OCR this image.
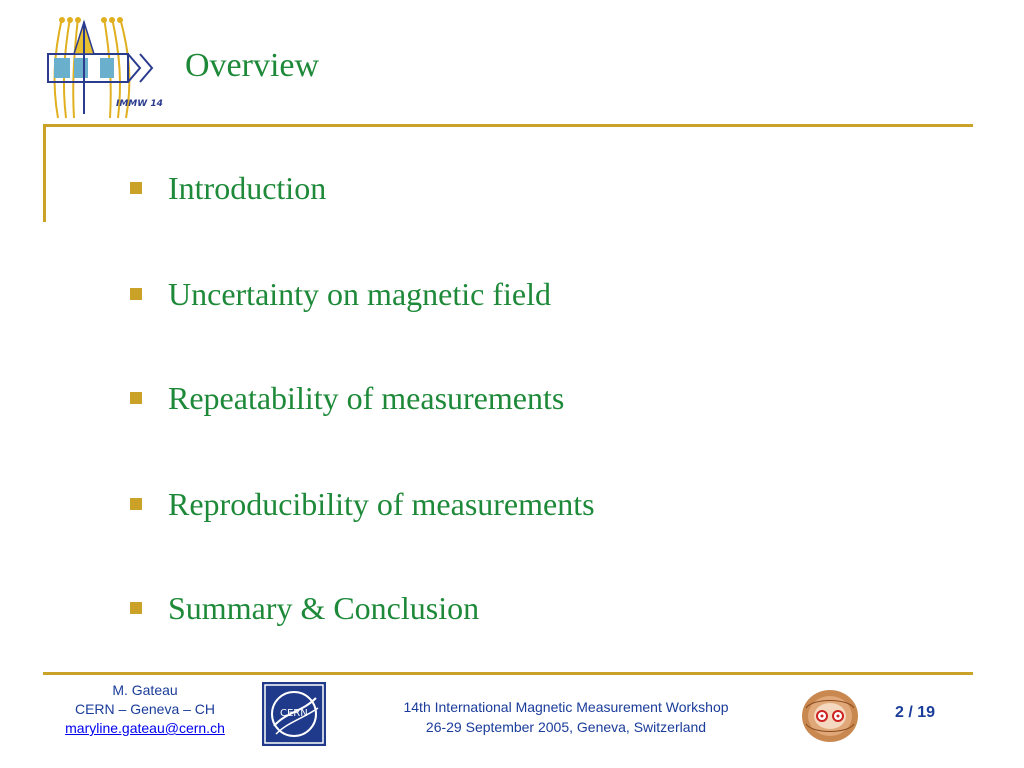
IMMW 14
Overview
Introduction
Uncertainty on magnetic field
Repeatability of measurements
Reproducibility of measurements
Summary & Conclusion
M. Gateau
CERN – Geneva – CH
maryline.gateau@cern.ch
CERN	14th International Magnetic Measurement Workshop
26-29 September 2005, Geneva, Switzerland
2 / 19
